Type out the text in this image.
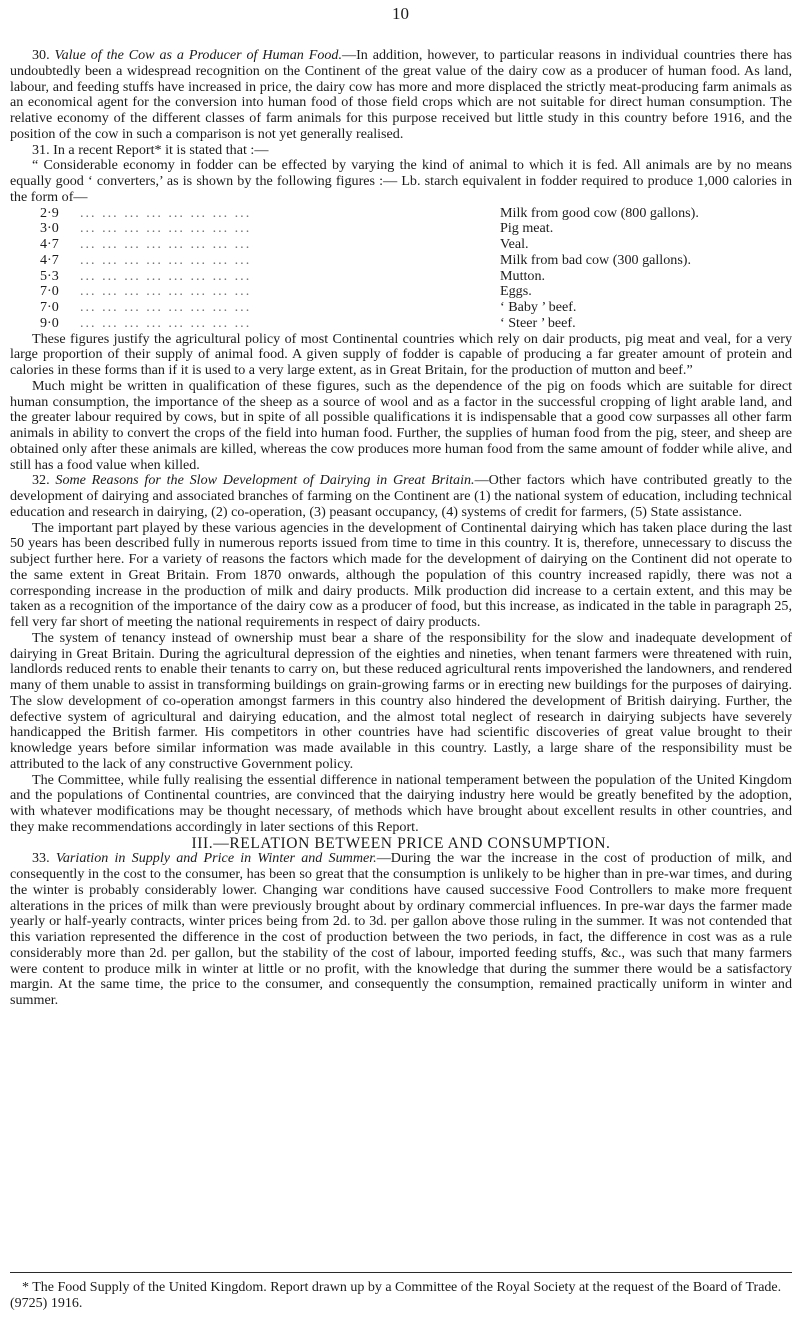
10

30. Value of the Cow as a Producer of Human Food.—In addition, however, to particular reasons in individual countries there has undoubtedly been a widespread recognition on the Continent of the great value of the dairy cow as a producer of human food. As land, labour, and feeding stuffs have increased in price, the dairy cow has more and more displaced the strictly meat-producing farm animals as an economical agent for the conversion into human food of those field crops which are not suitable for direct human consumption. The relative economy of the different classes of farm animals for this purpose received but little study in this country before 1916, and the position of the cow in such a comparison is not yet generally realised.

31. In a recent Report* it is stated that :—

“ Considerable economy in fodder can be effected by varying the kind of animal to which it is fed. All animals are by no means equally good ‘ converters,’ as is shown by the following figures :— Lb. starch equivalent in fodder required to produce 1,000 calories in the form of—

2·9	... ... ... ... ... ... ... ...	Milk from good cow (800 gallons).
3·0	... ... ... ... ... ... ... ...	Pig meat.
4·7	... ... ... ... ... ... ... ...	Veal.
4·7	... ... ... ... ... ... ... ...	Milk from bad cow (300 gallons).
5·3	... ... ... ... ... ... ... ...	Mutton.
7·0	... ... ... ... ... ... ... ...	Eggs.
7·0	... ... ... ... ... ... ... ...	‘ Baby ’ beef.
9·0	... ... ... ... ... ... ... ...	‘ Steer ’ beef.

These figures justify the agricultural policy of most Continental countries which rely on dair products, pig meat and veal, for a very large proportion of their supply of animal food. A given supply of fodder is capable of producing a far greater amount of protein and calories in these forms than if it is used to a very large extent, as in Great Britain, for the production of mutton and beef.”

Much might be written in qualification of these figures, such as the dependence of the pig on foods which are suitable for direct human consumption, the importance of the sheep as a source of wool and as a factor in the successful cropping of light arable land, and the greater labour required by cows, but in spite of all possible qualifications it is indispensable that a good cow surpasses all other farm animals in ability to convert the crops of the field into human food. Further, the supplies of human food from the pig, steer, and sheep are obtained only after these animals are killed, whereas the cow produces more human food from the same amount of fodder while alive, and still has a food value when killed.

32. Some Reasons for the Slow Development of Dairying in Great Britain.—Other factors which have contributed greatly to the development of dairying and associated branches of farming on the Continent are (1) the national system of education, including technical education and research in dairying, (2) co-operation, (3) peasant occupancy, (4) systems of credit for farmers, (5) State assistance.

The important part played by these various agencies in the development of Continental dairying which has taken place during the last 50 years has been described fully in numerous reports issued from time to time in this country. It is, therefore, unnecessary to discuss the subject further here. For a variety of reasons the factors which made for the development of dairying on the Continent did not operate to the same extent in Great Britain. From 1870 onwards, although the population of this country increased rapidly, there was not a corresponding increase in the production of milk and dairy products. Milk production did increase to a certain extent, and this may be taken as a recognition of the importance of the dairy cow as a producer of food, but this increase, as indicated in the table in paragraph 25, fell very far short of meeting the national requirements in respect of dairy products.

The system of tenancy instead of ownership must bear a share of the responsibility for the slow and inadequate development of dairying in Great Britain. During the agricultural depression of the eighties and nineties, when tenant farmers were threatened with ruin, landlords reduced rents to enable their tenants to carry on, but these reduced agricultural rents impoverished the landowners, and rendered many of them unable to assist in transforming buildings on grain-growing farms or in erecting new buildings for the purposes of dairying. The slow development of co-operation amongst farmers in this country also hindered the development of British dairying. Further, the defective system of agricultural and dairying education, and the almost total neglect of research in dairying subjects have severely handicapped the British farmer. His competitors in other countries have had scientific discoveries of great value brought to their knowledge years before similar information was made available in this country. Lastly, a large share of the responsibility must be attributed to the lack of any constructive Government policy.

The Committee, while fully realising the essential difference in national temperament between the population of the United Kingdom and the populations of Continental countries, are convinced that the dairying industry here would be greatly benefited by the adoption, with whatever modifications may be thought necessary, of methods which have brought about excellent results in other countries, and they make recommendations accordingly in later sections of this Report.

III.—RELATION BETWEEN PRICE AND CONSUMPTION.

33. Variation in Supply and Price in Winter and Summer.—During the war the increase in the cost of production of milk, and consequently in the cost to the consumer, has been so great that the consumption is unlikely to be higher than in pre-war times, and during the winter is probably considerably lower. Changing war conditions have caused successive Food Controllers to make more frequent alterations in the prices of milk than were previously brought about by ordinary commercial influences. In pre-war days the farmer made yearly or half-yearly contracts, winter prices being from 2d. to 3d. per gallon above those ruling in the summer. It was not contended that this variation represented the difference in the cost of production between the two periods, in fact, the difference in cost was as a rule considerably more than 2d. per gallon, but the stability of the cost of labour, imported feeding stuffs, &c., was such that many farmers were content to produce milk in winter at little or no profit, with the knowledge that during the summer there would be a satisfactory margin. At the same time, the price to the consumer, and consequently the consumption, remained practically uniform in winter and summer.

* The Food Supply of the United Kingdom. Report drawn up by a Committee of the Royal Society at the request of the Board of Trade. (9725) 1916.
